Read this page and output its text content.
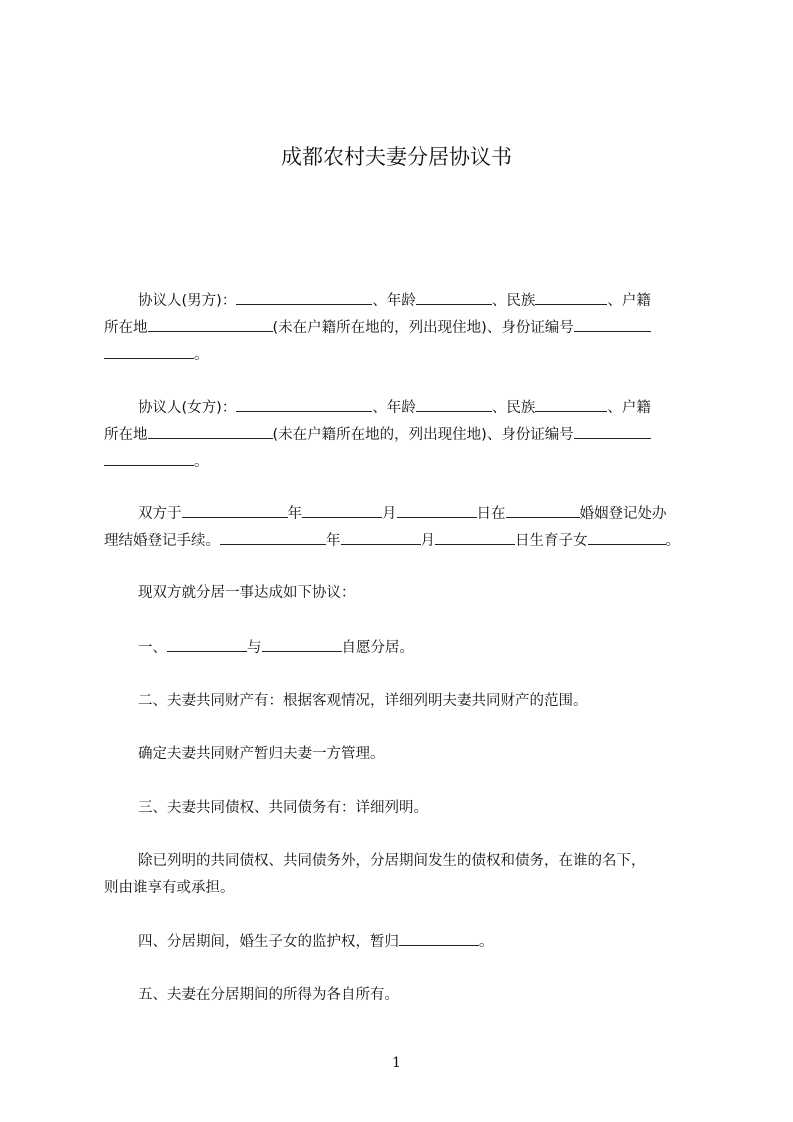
成都农村夫妻分居协议书
协议人(男方)：	、年龄	、民族	、户籍
所在地	(未在户籍所在地的，列出现住地)、身份证编号
。
协议人(女方)：	、年龄	、民族	、户籍
所在地	(未在户籍所在地的，列出现住地)、身份证编号
。
双方于	年	月	日在	婚姻登记处办
理结婚登记手续。	年	月	日生育子女	。
现双方就分居一事达成如下协议：
一、	与	自愿分居。
二、夫妻共同财产有：根据客观情况，详细列明夫妻共同财产的范围。
确定夫妻共同财产暂归夫妻一方管理。
三、夫妻共同债权、共同债务有：详细列明。
除已列明的共同债权、共同债务外，分居期间发生的债权和债务，在谁的名下，
则由谁享有或承担。
四、分居期间，婚生子女的监护权，暂归	。
五、夫妻在分居期间的所得为各自所有。
1
